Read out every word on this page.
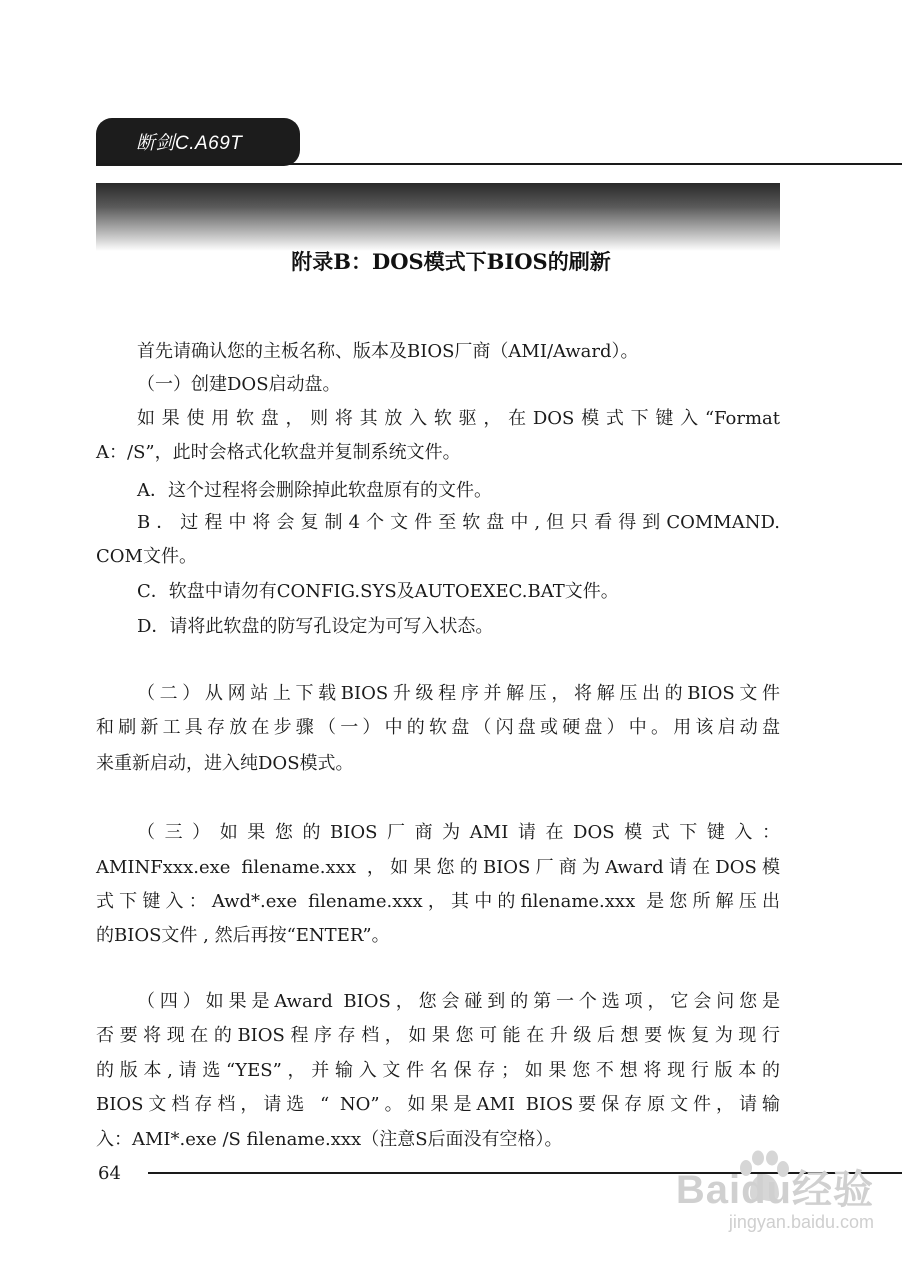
断剑C.A69T
附录B：DOS模式下BIOS的刷新
首先请确认您的主板名称、版本及BIOS厂商（AMI/Award）。
（一）创建DOS启动盘。
如果使用软盘，则将其放入软驱，在DOS模式下键入“Format
A：/S”，此时会格式化软盘并复制系统文件。
A．这个过程将会删除掉此软盘原有的文件。
B．过程中将会复制4个文件至软盘中,但只看得到COMMAND.
COM文件。
C．软盘中请勿有CONFIG.SYS及AUTOEXEC.BAT文件。
D．请将此软盘的防写孔设定为可写入状态。
（二）从网站上下载BIOS升级程序并解压，将解压出的BIOS文件
和刷新工具存放在步骤（一）中的软盘（闪盘或硬盘）中。用该启动盘
来重新启动，进入纯DOS模式。
（三）如果您的BIOS厂商为AMI请在DOS模式下键入：
AMINFxxx.exe filename.xxx ，如果您的BIOS厂商为Award请在DOS模
式下键入：Awd*.exe filename.xxx，其中的filename.xxx 是您所解压出
的BIOS文件 , 然后再按“ENTER”。
（四）如果是Award BIOS，您会碰到的第一个选项，它会问您是
否要将现在的BIOS程序存档，如果您可能在升级后想要恢复为现行
的版本,请选“YES”，并输入文件名保存；如果您不想将现行版本的
BIOS文档存档，请选 “ NO”。如果是AMI BIOS要保存原文件，请输
入：AMI*.exe /S filename.xxx（注意S后面没有空格）。
64	Baidu经验
jingyan.baidu.com
